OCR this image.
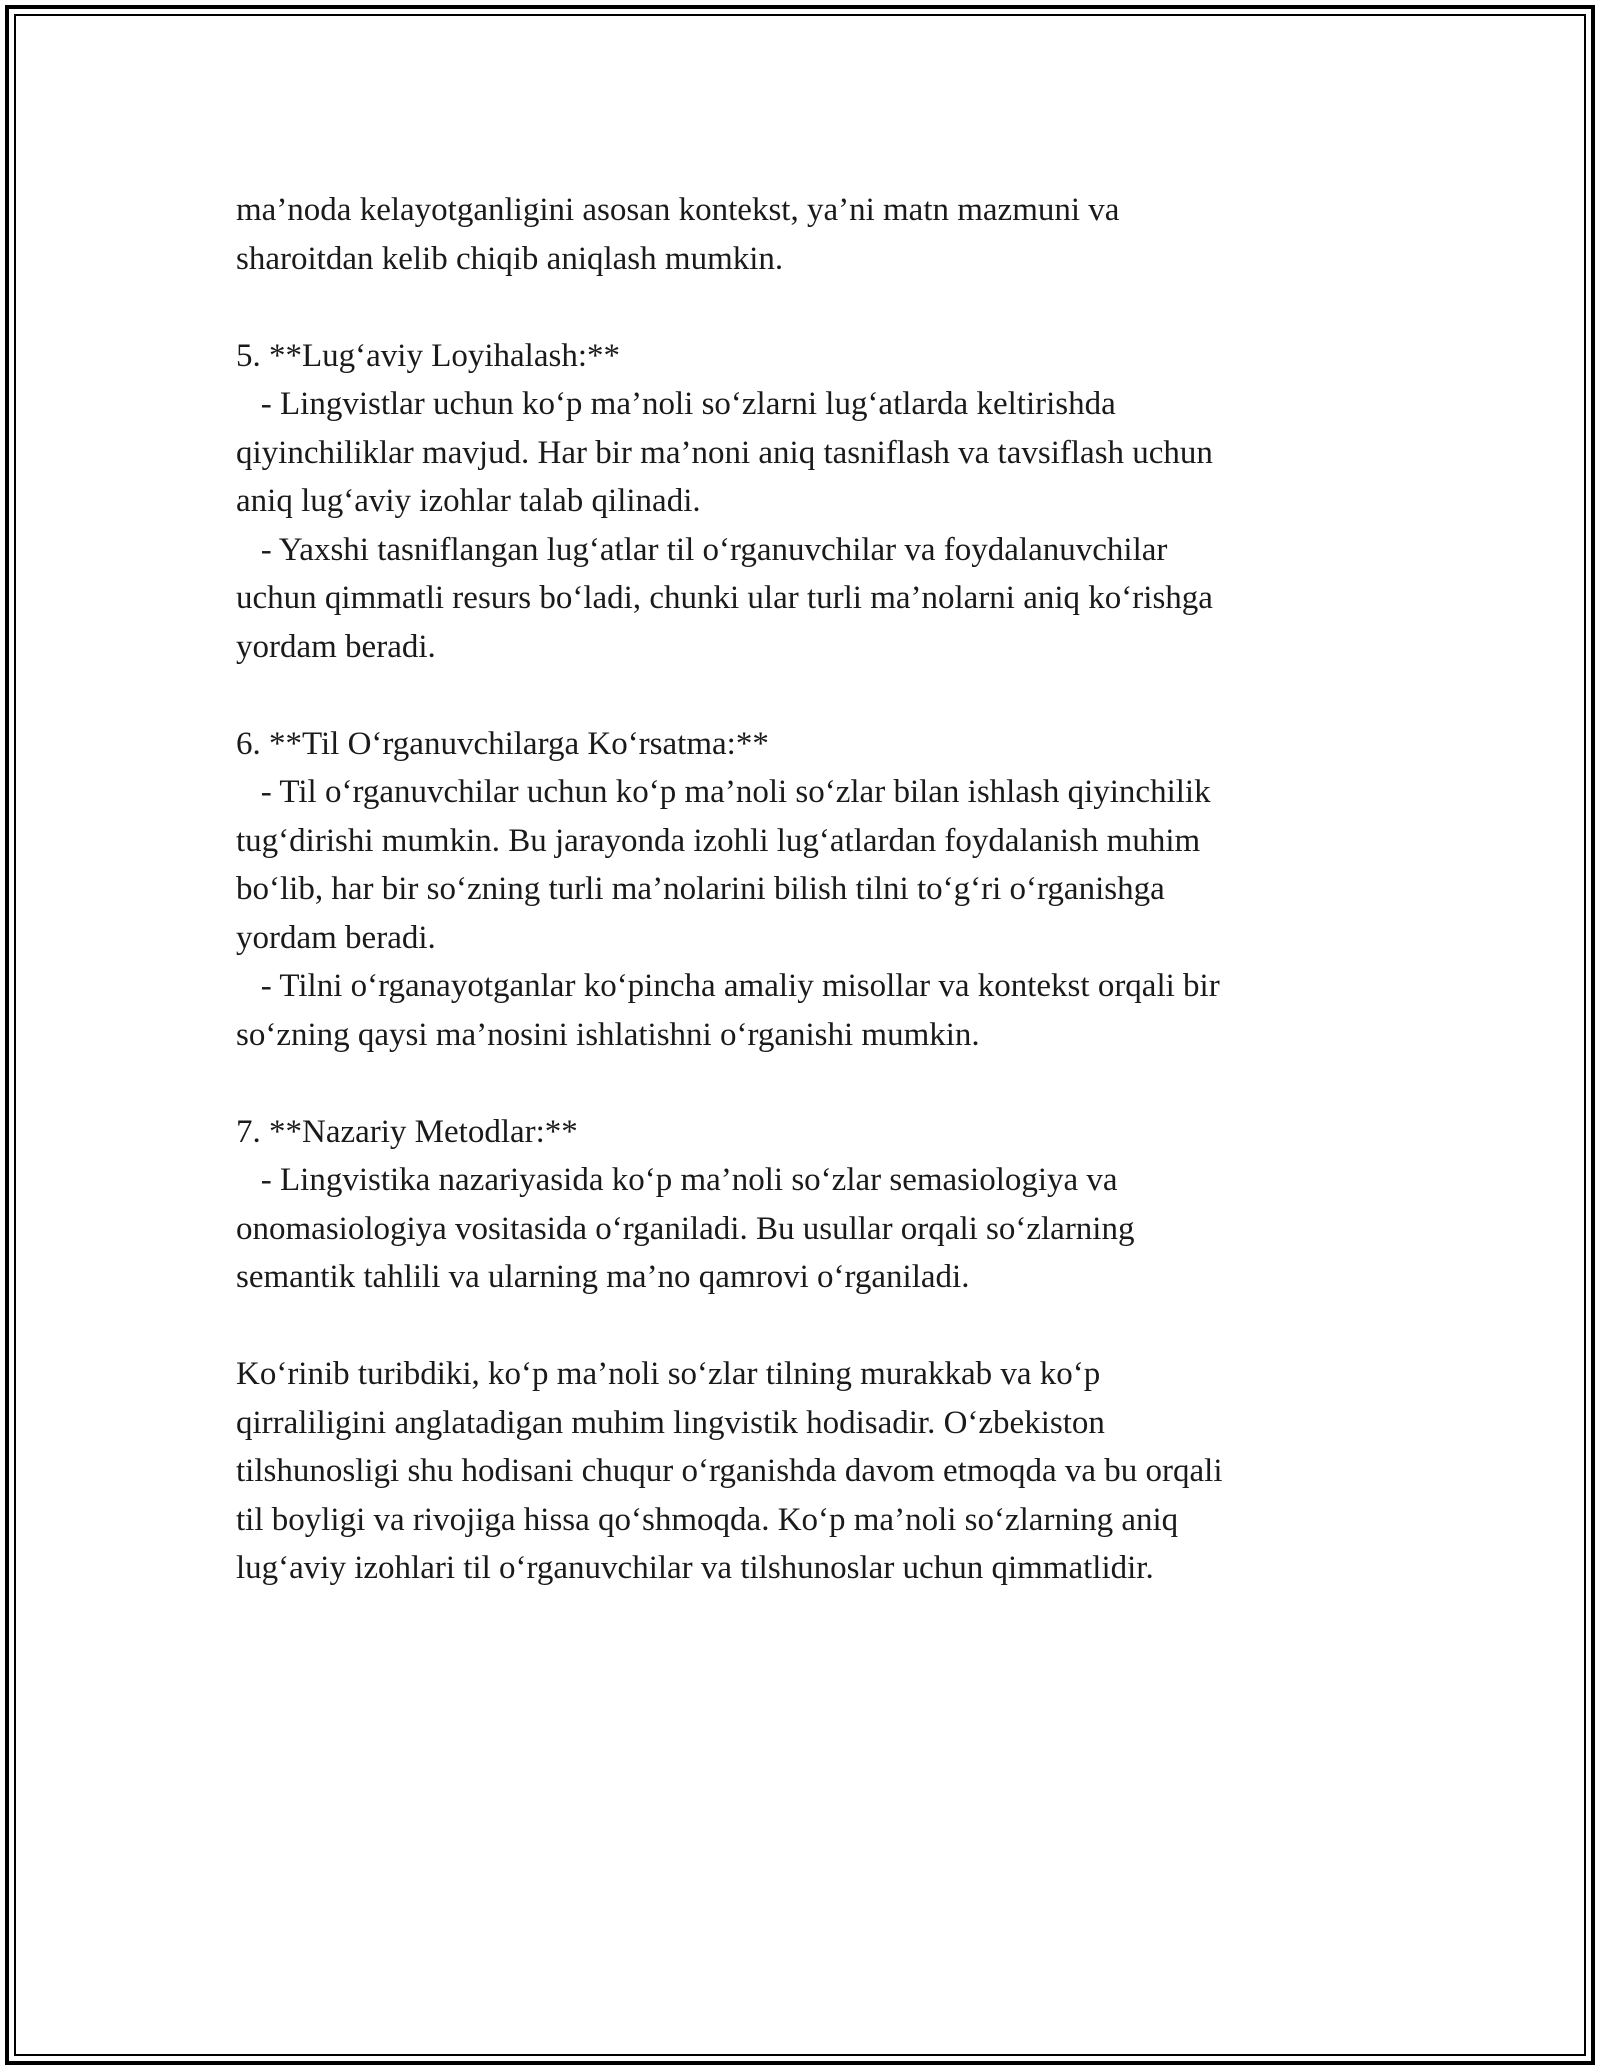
ma’noda kelayotganligini asosan kontekst, ya’ni matn mazmuni va

sharoitdan kelib chiqib aniqlash mumkin.

5. **Lug‘aviy Loyihalash:**

- Lingvistlar uchun ko‘p ma’noli so‘zlarni lug‘atlarda keltirishda

qiyinchiliklar mavjud. Har bir ma’noni aniq tasniflash va tavsiflash uchun

aniq lug‘aviy izohlar talab qilinadi.

- Yaxshi tasniflangan lug‘atlar til o‘rganuvchilar va foydalanuvchilar

uchun qimmatli resurs bo‘ladi, chunki ular turli ma’nolarni aniq ko‘rishga

yordam beradi.

6. **Til O‘rganuvchilarga Ko‘rsatma:**

- Til o‘rganuvchilar uchun ko‘p ma’noli so‘zlar bilan ishlash qiyinchilik

tug‘dirishi mumkin. Bu jarayonda izohli lug‘atlardan foydalanish muhim

bo‘lib, har bir so‘zning turli ma’nolarini bilish tilni to‘g‘ri o‘rganishga

yordam beradi.

- Tilni o‘rganayotganlar ko‘pincha amaliy misollar va kontekst orqali bir

so‘zning qaysi ma’nosini ishlatishni o‘rganishi mumkin.

7. **Nazariy Metodlar:**

- Lingvistika nazariyasida ko‘p ma’noli so‘zlar semasiologiya va

onomasiologiya vositasida o‘rganiladi. Bu usullar orqali so‘zlarning

semantik tahlili va ularning ma’no qamrovi o‘rganiladi.

Ko‘rinib turibdiki, ko‘p ma’noli so‘zlar tilning murakkab va ko‘p

qirraliligini anglatadigan muhim lingvistik hodisadir. O‘zbekiston

tilshunosligi shu hodisani chuqur o‘rganishda davom etmoqda va bu orqali

til boyligi va rivojiga hissa qo‘shmoqda. Ko‘p ma’noli so‘zlarning aniq

lug‘aviy izohlari til o‘rganuvchilar va tilshunoslar uchun qimmatlidir.
